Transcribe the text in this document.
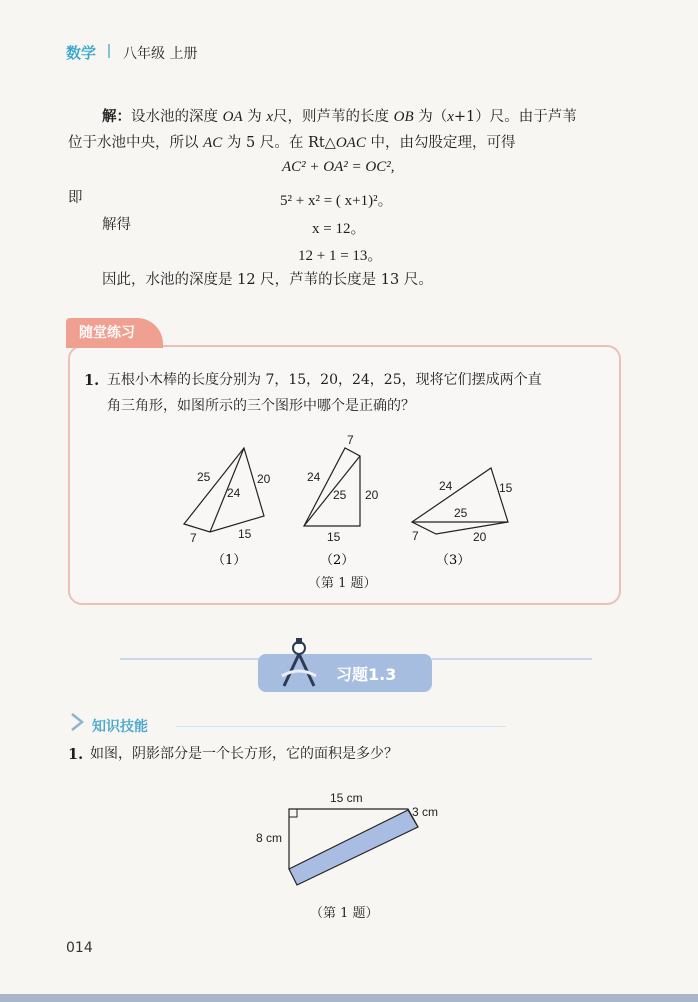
数学 八年级 上册
解：设水池的深度 OA 为 x尺，则芦苇的长度 OB 为（x+1）尺。由于芦苇
位于水池中央，所以 AC 为 5 尺。在 Rt△OAC 中，由勾股定理，可得
AC² + OA² = OC²,
即	5² + x² = ( x+1)²。
解得	x = 12。
12 + 1 = 13。
因此，水池的深度是 12 尺，芦苇的长度是 13 尺。
随堂练习
1. 五根小木棒的长度分别为 7，15，20，24，25，现将它们摆成两个直
角三角形，如图所示的三个图形中哪个是正确的？
25
24
20
7	15
（1）
7
24
25 20
15
（2）
24	15
25
7	20
（3）
（第 1 题）
习题1.3
知识技能
1. 如图，阴影部分是一个长方形，它的面积是多少？
15 cm
8 cm
3 cm
（第 1 题）
014
